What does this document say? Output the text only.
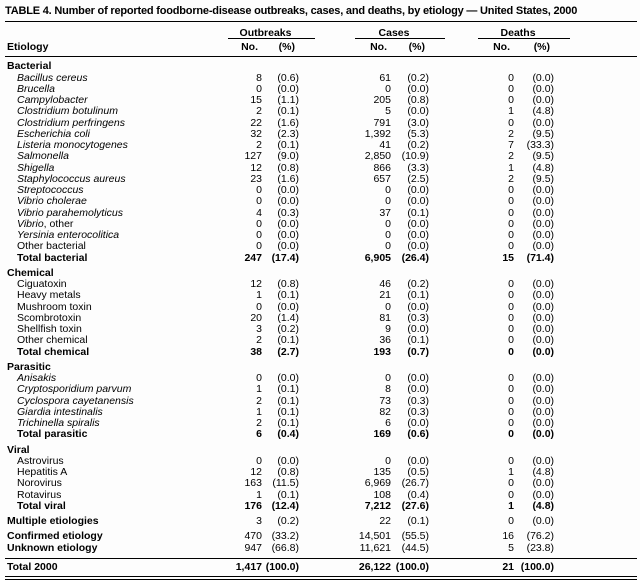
TABLE 4. Number of reported foodborne-disease outbreaks, cases, and deaths, by etiology — United States, 2000
	Outbreaks			Cases			Deaths	

Etiology	No.	(%)		No.	(%)		No.	(%)	
Bacterial									
Bacillus cereus	8	(0.6)		61	(0.2)		0	(0.0)	
Brucella	0	(0.0)		0	(0.0)		0	(0.0)	
Campylobacter	15	(1.1)		205	(0.8)		0	(0.0)	
Clostridium botulinum	2	(0.1)		5	(0.0)		1	(4.8)	
Clostridium perfringens	22	(1.6)		791	(3.0)		0	(0.0)	
Escherichia coli	32	(2.3)		1,392	(5.3)		2	(9.5)	
Listeria monocytogenes	2	(0.1)		41	(0.2)		7	(33.3)	
Salmonella	127	(9.0)		2,850	(10.9)		2	(9.5)	
Shigella	12	(0.8)		866	(3.3)		1	(4.8)	
Staphylococcus aureus	23	(1.6)		657	(2.5)		2	(9.5)	
Streptococcus	0	(0.0)		0	(0.0)		0	(0.0)	
Vibrio cholerae	0	(0.0)		0	(0.0)		0	(0.0)	
Vibrio parahemolyticus	4	(0.3)		37	(0.1)		0	(0.0)	
Vibrio, other	0	(0.0)		0	(0.0)		0	(0.0)	
Yersinia enterocolitica	0	(0.0)		0	(0.0)		0	(0.0)	
Other bacterial	0	(0.0)		0	(0.0)		0	(0.0)	
Total bacterial	247	(17.4)		6,905	(26.4)		15	(71.4)	
Chemical									
Ciguatoxin	12	(0.8)		46	(0.2)		0	(0.0)	
Heavy metals	1	(0.1)		21	(0.1)		0	(0.0)	
Mushroom toxin	0	(0.0)		0	(0.0)		0	(0.0)	
Scombrotoxin	20	(1.4)		81	(0.3)		0	(0.0)	
Shellfish toxin	3	(0.2)		9	(0.0)		0	(0.0)	
Other chemical	2	(0.1)		36	(0.1)		0	(0.0)	
Total chemical	38	(2.7)		193	(0.7)		0	(0.0)	
Parasitic									
Anisakis	0	(0.0)		0	(0.0)		0	(0.0)	
Cryptosporidium parvum	1	(0.1)		8	(0.0)		0	(0.0)	
Cyclospora cayetanensis	2	(0.1)		73	(0.3)		0	(0.0)	
Giardia intestinalis	1	(0.1)		82	(0.3)		0	(0.0)	
Trichinella spiralis	2	(0.1)		6	(0.0)		0	(0.0)	
Total parasitic	6	(0.4)		169	(0.6)		0	(0.0)	
Viral									
Astrovirus	0	(0.0)		0	(0.0)		0	(0.0)	
Hepatitis A	12	(0.8)		135	(0.5)		1	(4.8)	
Norovirus	163	(11.5)		6,969	(26.7)		0	(0.0)	
Rotavirus	1	(0.1)		108	(0.4)		0	(0.0)	
Total viral	176	(12.4)		7,212	(27.6)		1	(4.8)	
Multiple etiologies	3	(0.2)		22	(0.1)		0	(0.0)	
Confirmed etiology	470	(33.2)		14,501	(55.5)		16	(76.2)	
Unknown etiology	947	(66.8)		11,621	(44.5)		5	(23.8)	
Total 2000	1,417	(100.0)		26,122	(100.0)		21	(100.0)	
